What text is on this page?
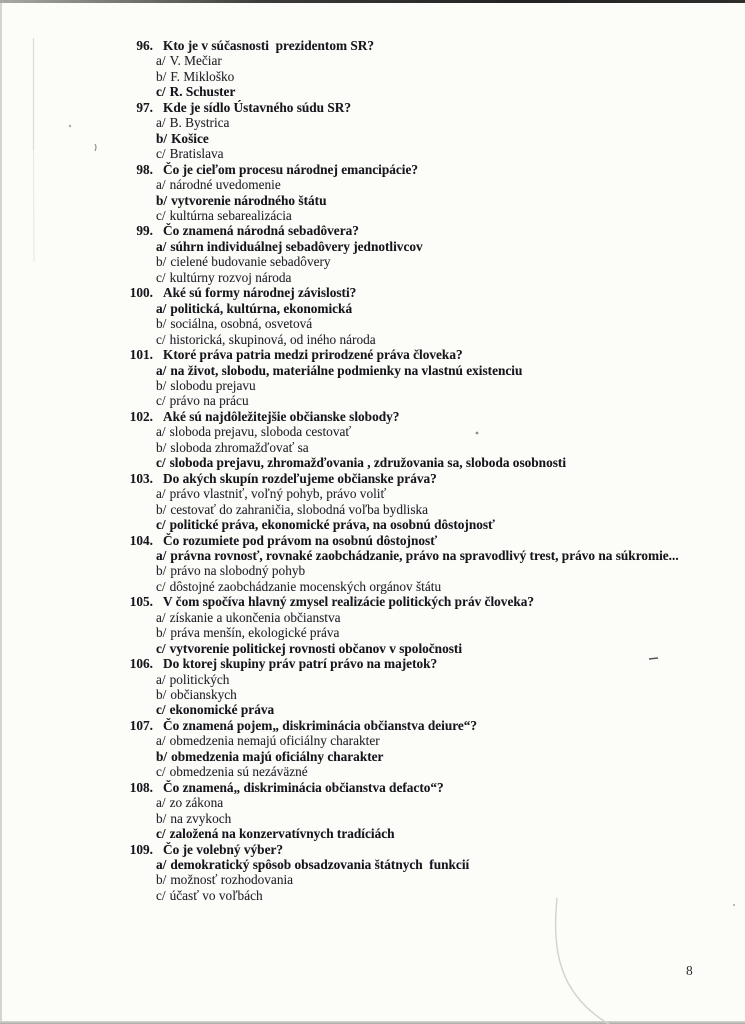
96. Kto je v súčasnosti  prezidentom SR?
a/ V. Mečiar
b/ F. Mikloško
c/ R. Schuster
97. Kde je sídlo Ústavného súdu SR?
a/ B. Bystrica
b/ Košice
c/ Bratislava
98. Čo je cieľom procesu národnej emancipácie?
a/ národné uvedomenie
b/ vytvorenie národného štátu
c/ kultúrna sebarealizácia
99. Čo znamená národná sebadôvera?
a/ súhrn individuálnej sebadôvery jednotlivcov
b/ cielené budovanie sebadôvery
c/ kultúrny rozvoj národa
100. Aké sú formy národnej závislosti?
a/ politická, kultúrna, ekonomická
b/ sociálna, osobná, osvetová
c/ historická, skupinová, od iného národa
101. Ktoré práva patria medzi prirodzené práva človeka?
a/ na život, slobodu, materiálne podmienky na vlastnú existenciu
b/ slobodu prejavu
c/ právo na prácu
102. Aké sú najdôležitejšie občianske slobody?
a/ sloboda prejavu, sloboda cestovať
b/ sloboda zhromažďovať sa
c/ sloboda prejavu, zhromažďovania , združovania sa, sloboda osobnosti
103. Do akých skupín rozdeľujeme občianske práva?
a/ právo vlastniť, voľný pohyb, právo voliť
b/ cestovať do zahraničia, slobodná voľba bydliska
c/ politické práva, ekonomické práva, na osobnú dôstojnosť
104. Čo rozumiete pod právom na osobnú dôstojnosť
a/ právna rovnosť, rovnaké zaobchádzanie, právo na spravodlivý trest, právo na súkromie...
b/ právo na slobodný pohyb
c/ dôstojné zaobchádzanie mocenských orgánov štátu
105. V čom spočíva hlavný zmysel realizácie politických práv človeka?
a/ získanie a ukončenia občianstva
b/ práva menšín, ekologické práva
c/ vytvorenie politickej rovnosti občanov v spoločnosti
106. Do ktorej skupiny práv patrí právo na majetok?
a/ politických
b/ občianskych
c/ ekonomické práva
107. Čo znamená pojem„ diskriminácia občianstva deiure“?
a/ obmedzenia nemajú oficiálny charakter
b/ obmedzenia majú oficiálny charakter
c/ obmedzenia sú nezáväzné
108. Čo znamená„ diskriminácia občianstva defacto“?
a/ zo zákona
b/ na zvykoch
c/ založená na konzervatívnych tradíciách
109. Čo je volebný výber?
a/ demokratický spôsob obsadzovania štátnych  funkcií
b/ možnosť rozhodovania
c/ účasť vo voľbách
8
